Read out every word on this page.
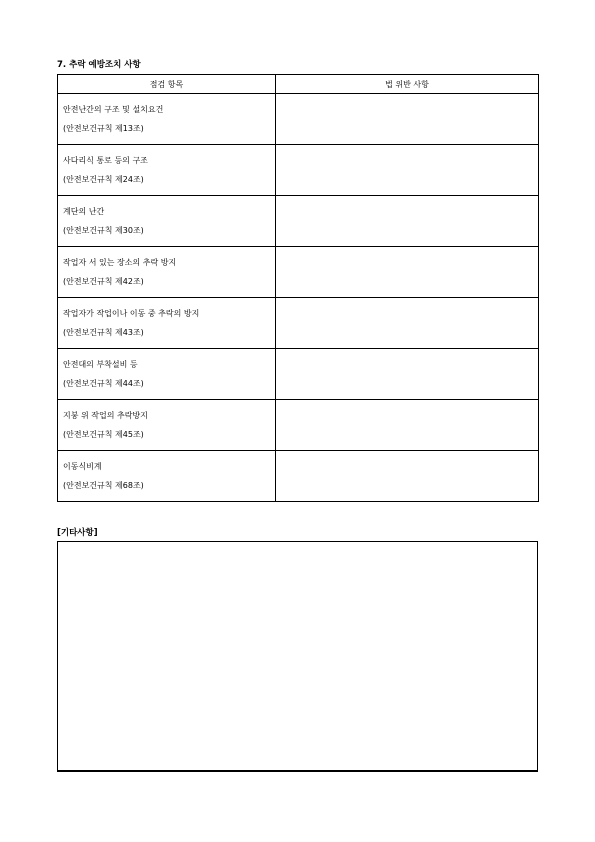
7. 추락 예방조치 사항
점검 항목	법 위반 사항

안전난간의 구조 및 설치요건
(안전보건규칙 제13조)	

사다리식 통로 등의 구조
(안전보건규칙 제24조)	

계단의 난간
(안전보건규칙 제30조)	

작업자 서 있는 장소의 추락 방지
(안전보건규칙 제42조)	

작업자가 작업이나 이동 중 추락의 방지
(안전보건규칙 제43조)	

안전대의 부착설비 등
(안전보건규칙 제44조)	

지붕 위 작업의 추락방지
(안전보건규칙 제45조)	

이동식비계
(안전보건규칙 제68조)	

[기타사항]
